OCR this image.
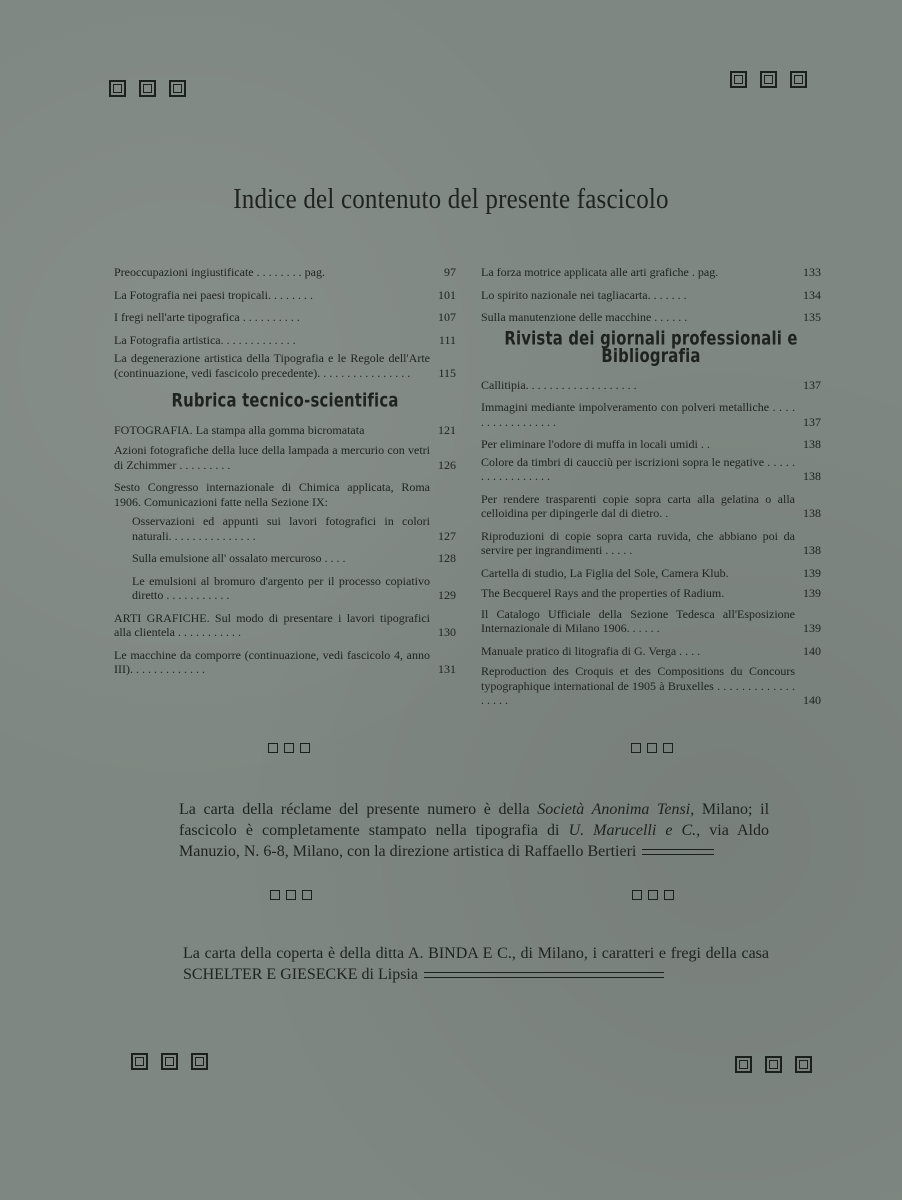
Indice del contenuto del presente fascicolo
Preoccupazioni ingiustificate . . . . . . . . pag.	97
La Fotografia nei paesi tropicali. . . . . . . .	101
I fregi nell'arte tipografica . . . . . . . . . .	107
La Fotografia artistica. . . . . . . . . . . . .	111
La degenerazione artistica della Tipografia e le Regole dell'Arte (continuazione, vedi fascicolo precedente). . . . . . . . . . . . . . . .	115
Rubrica tecnico-scientifica
FOTOGRAFIA. La stampa alla gomma bicromatata	121
Azioni fotografiche della luce della lampada a mercurio con vetri di Zchimmer . . . . . . . . .	126
Sesto Congresso internazionale di Chimica applicata, Roma 1906. Comunicazioni fatte nella Sezione IX:
Osservazioni ed appunti sui lavori fotografici in colori naturali. . . . . . . . . . . . . . .	127
Sulla emulsione all' ossalato mercuroso . . . .	128
Le emulsioni al bromuro d'argento per il processo copiativo diretto . . . . . . . . . . .	129
ARTI GRAFICHE. Sul modo di presentare i lavori tipografici alla clientela . . . . . . . . . . .	130
Le macchine da comporre (continuazione, vedi fascicolo 4, anno III). . . . . . . . . . . . .	131
La forza motrice applicata alle arti grafiche . pag.	133
Lo spirito nazionale nei tagliacarta. . . . . . .	134
Sulla manutenzione delle macchine . . . . . .	135
Rivista dei giornali professionali e Bibliografia
Callitipia. . . . . . . . . . . . . . . . . . .	137
Immagini mediante impolveramento con polveri metalliche . . . . . . . . . . . . . . . . .	137
Per eliminare l'odore di muffa in locali umidi . .	138
Colore da timbri di caucciù per iscrizioni sopra le negative . . . . . . . . . . . . . . . . .	138
Per rendere trasparenti copie sopra carta alla gelatina o alla celloidina per dipingerle dal di dietro. .	138
Riproduzioni di copie sopra carta ruvida, che abbiano poi da servire per ingrandimenti . . . . .	138
Cartella di studio, La Figlia del Sole, Camera Klub.	139
The Becquerel Rays and the properties of Radium.	139
Il Catalogo Ufficiale della Sezione Tedesca all'Esposizione Internazionale di Milano 1906. . . . . .	139
Manuale pratico di litografia di G. Verga . . . .	140
Reproduction des Croquis et des Compositions du Concours typographique international de 1905 à Bruxelles . . . . . . . . . . . . . . . . . .	140
La carta della réclame del presente numero è della Società Anonima Tensi, Milano; il fascicolo è completamente stampato nella tipografia di U. Marucelli e C., via Aldo Manuzio, N. 6-8, Milano, con la direzione artistica di Raffaello Bertieri
La carta della coperta è della ditta A. BINDA E C., di Milano, i caratteri e fregi della casa SCHELTER E GIESECKE di Lipsia
